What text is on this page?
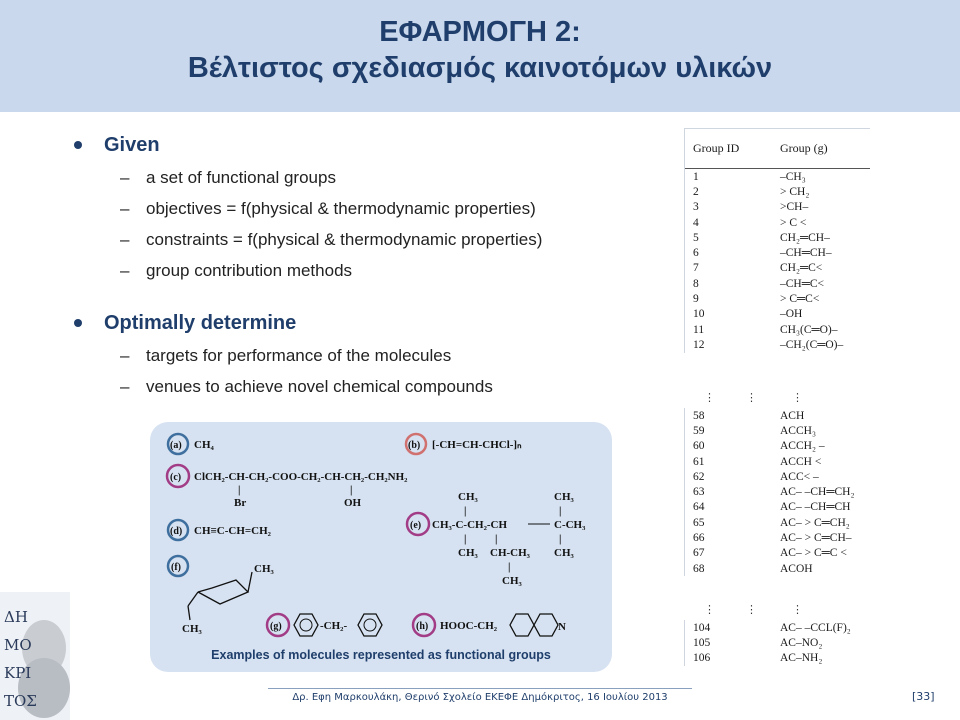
ΕΦΑΡΜΟΓΗ 2:
Βέλτιστος σχεδιασμός καινοτόμων υλικών
Given
– a set of functional groups
– objectives = f(physical & thermodynamic properties)
– constraints = f(physical & thermodynamic properties)
– group contribution methods
Optimally determine
– targets for performance of the molecules
– venues to achieve novel chemical compounds
(a)	(b)
(c)
(d)
(e)
(f)
(g)	(h)
CH₄	[-CH=CH-CHCl-]ₙ
ClCH₂-CH-CH₂-COO-CH₂-CH-CH₂-CH₂NH₂
|	|
Br	OH
CH≡C-CH=CH₂
CH₃
|
CH₃-C-CH₂-CH	C-CH₃
CH₃
|
|	|
CH₃ CH-CH₃ CH₃
|
CH₃
|
CH₃
CH₃	-CH₂-	HOOC-CH₂	N
Examples of molecules represented as functional groups
Group ID	Group (g)
1	–CH₃
2	> CH₂
3	>CH–
4	> C <
5	CH₂═CH–
6	–CH═CH–
7	CH₂═C<
8	–CH═C<
9	> C═C<
10	–OH
11	CH₃(C═O)–
12	–CH₂(C═O)–
⋮	⋮	⋮
58	ACH
59	ACCH₃
60	ACCH₂ –
61	ACCH <
62	ACC< –
63	AC– –CH═CH₂
64	AC– –CH═CH
65	AC– > C═CH₂
66	AC– > C═CH–
67	AC– > C═C <
68	ACOH
⋮	⋮	⋮
104	AC– –CCL(F)₂
105	AC–NO₂
106	AC–NH₂
ΔΗ
ΜΟ
ΚΡΙ
ΤΟΣ	Δρ. Εφη Μαρκουλάκη, Θερινό Σχολείο ΕΚΕΦΕ Δημόκριτος, 16 Ιουλίου 2013	[33]
